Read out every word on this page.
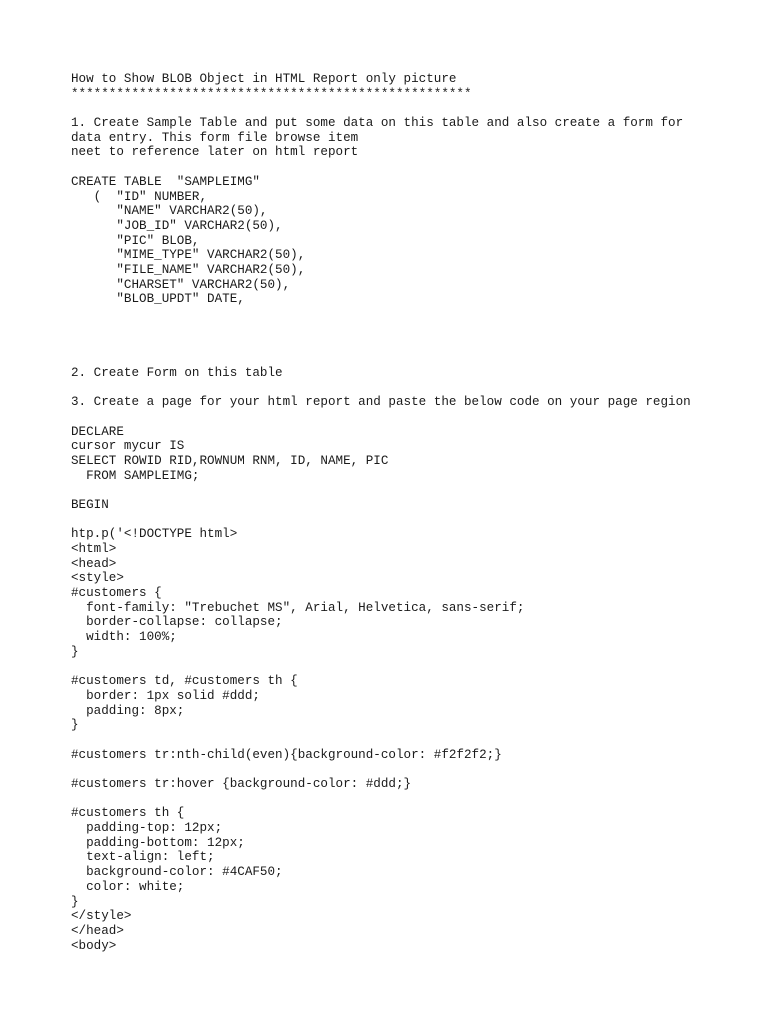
How to Show BLOB Object in HTML Report only picture
*****************************************************
1. Create Sample Table and put some data on this table and also create a form for
data entry. This form file browse item
neet to reference later on html report
CREATE TABLE  "SAMPLEIMG"
(  "ID" NUMBER,
"NAME" VARCHAR2(50),
"JOB_ID" VARCHAR2(50),
"PIC" BLOB,
"MIME_TYPE" VARCHAR2(50),
"FILE_NAME" VARCHAR2(50),
"CHARSET" VARCHAR2(50),
"BLOB_UPDT" DATE,
2. Create Form on this table
3. Create a page for your html report and paste the below code on your page region
DECLARE
cursor mycur IS
SELECT ROWID RID,ROWNUM RNM, ID, NAME, PIC
FROM SAMPLEIMG;
BEGIN
htp.p('<!DOCTYPE html>
<html>
<head>
<style>
#customers {
font-family: "Trebuchet MS", Arial, Helvetica, sans-serif;
border-collapse: collapse;
width: 100%;
}
#customers td, #customers th {
border: 1px solid #ddd;
padding: 8px;
}
#customers tr:nth-child(even){background-color: #f2f2f2;}
#customers tr:hover {background-color: #ddd;}
#customers th {
padding-top: 12px;
padding-bottom: 12px;
text-align: left;
background-color: #4CAF50;
color: white;
}
</style>
</head>
<body>
